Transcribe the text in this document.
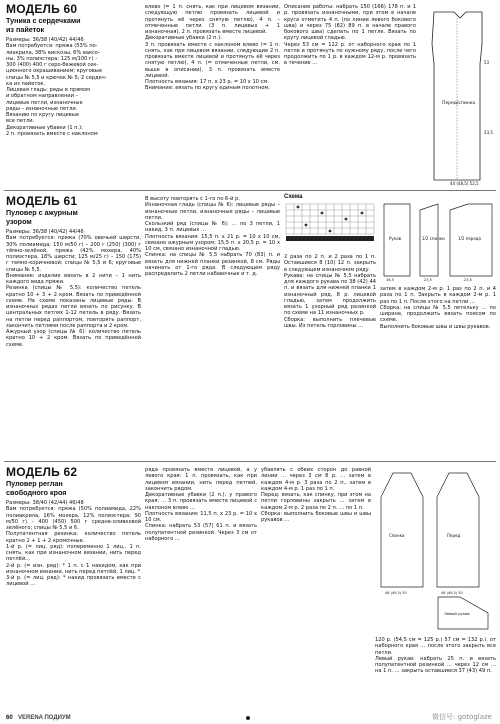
МОДЕЛЬ 60
Туника с сердечками
из пайеток
Размеры: 36/38 (40/42) 44/46
Вам потребуется: пряжа (53% по-
лиакрила, 38% вискозы, 6% ваксо-
ны, 3% полиэстера; 125 м/100 г) -
300 (400) 400 г серо-бежевой сек-
ционного окрашиванием; круговые
спицы № 5,5 и крючок № 5; 2 сердеч-
ка из пайеток.
Лицевая гладь: ряды в прямом
и обратном направлении –
лицевые петли, изнаночные
ряды – изнаночные петли.
Вязанию по кругу лицевые
все петли.
Декоративные убавки (1 п.):
2 п. провязать вместе с наклоном
влево (= 1 п. снять, как при лицевом вязании, следующую петлю провязать лицевой и протянуть её через снятую петлю), 4 п. – отмеченные петли (3 п. лицевых + 1 изнаночная), 2 п. провязать вместе лицевой.
Декоративные убавки (2 п.):
3 п. провязать вместе с наклоном влево (= 1 п. снять, как при лицевом вязании, следующие 2 п. провязать вместе лицевой и протянуть её через снятую петлю), 4 п. (= отмеченные петли, см. выше в описании), 3 п. провязать вместе лицевой.
Плотность вязания: 17 п. x 23 р. = 10 x 10 см.
Внимание: вязать по кругу единым полотном.
Описание работы: набрать 150 (166) 178 п. и 1 р. провязать изнаночными, при этом в начале круга отметить 4 п. (по линии левого бокового шва) и через 75 (82) 89 п. в начале правого бокового шва) сделать по 1 петле. Вязать по кругу лицевой гладью.
Через 53 см = 122 р. от наборного края по 1 петле и протянуть по нужному ряду, после чего продолжить по 1 р. в каждом 12-м р. провязать в течение …
Перед/спинка
53
23,5
44 (48,5) 52,5
МОДЕЛЬ 61
Пуловер с ажурным
узором
Размеры: 36/38 (40/42) 44/46
Вам потребуется: пряжа (70% овечьей шерсти, 30% полиамида; 150 м/50 г) – 200 г (250) (300) г тёмно-зелёной, пряжа (42% мохера, 40% полиэстера, 18% шерсти; 125 м/25 г) – 150 (175) г темно-коричневой; спицы № 5,5 и 6; круговые спицы № 5,5.
Внимание: изделие вязать в 2 нити – 1 нить каждого вида пряжи.
Резинка (спицы № 5,5): количество петель кратно 10 + 3 + 2 кром. Вязать по приведённой схеме. На схеме показаны лицевые ряды. В изнаночных рядах петли вязать по рисунку. В центральных петлях 1-12 петель в ряду. Вязать на петли перед раппортом, повторять раппорт, закончить петлями после раппорта и 2 кром.
Ажурный узор (спицы № 6): количество петель кратно 10 + 2 кром. Вязать по приведённой схеме.
В высоту повторять с 1-го по 6-й р.
Изнаночная гладь (спицы № 6): лицевые ряды – изнаночные петли, изнаночные ряды – лицевые петли.
Скользкий ряд (спицы № 6): … по 3 петли, 1 накид, 3 п. лицевых …
Плотность вязания: 15,5 п. x 21 р. = 10 x 10 см, связано ажурным узором; 15,5 п. x 20,5 р. = 10 x 10 см, связано изнаночной гладью.
Спинка: на спицы № 5,5 набрать 70 (83) п. и вязать для нижней планки резинкой, 8 см. Ряды начинать от 1-го ряда. В следующем ряду распределить 2 петли набавочные и т. д.
Схема
2 раза по 2 п. и 2 раза по 1 п. Оставшиеся 8 (10) 12 п. закрыть в следующем изнаночном ряду.
Рукава: на спицы № 5,5 набрать для каждого рукава по 38 (42) 44 п. и вязать для нижней планки 1 изнаночный ряд, 8 р. лицевой гладью, затем продолжить вязать 1 узорный ряд резинкой по схеме на 11 изнаночных р.
Сборка: выполнить плечевые швы. Из петель горловины …
Рукав	1/2 спинки	1/2 переда
16,5	23,5	23,5
затем в каждом 2-м р. 1 раз по 2 п. и 4 раза по 1 п. Закрыть в каждом 2-м р. 1 раз по 1 п. После этого на петли …
Сборка: на спицы № 5,5 петельку … по ширине, продолжить вязать поясом по схеме.
Выполнить боковые швы и швы рукавов.
МОДЕЛЬ 62
Пуловер реглан
свободного кроя
Размеры: 38/40 (42/44) 46/48
Вам потребуется: пряжа (50% полиамида, 22% полиакрила, 16% мохера, 12% полиэстера; 90 м/50 г) – 400 (450) 500 г средне-оливковой зелёного; спицы № 5,5 и 6.
Полупатентная резинка: количество петель кратно 2 + 1 + 2 кромочные.
1-й р. (= лиц. ряд): попеременно 1 лиц., 1 п. снять, как при изнаночном вязании, нить перед петлёй…
2-й р. (= изн. ряд): * 1 п. с 1 накидом, как при изнаночном вязании, нить перед петлёй, 1 лиц. *
3-й р. (= лиц. ряд): * накид провязать вместе с лицевой …
ряда провязать вместе лицевой, а у левого края: 1 п. провязать, как при лицевом вязании, нить перед петлей, закончить рядом.
Декоративные убавки (2 п.): у правого края: … 3 п. провязать вместе лицевой с наклоном влево …
Плотность вязания: 11,5 п. x 23 р. = 10 x 10 см.
Спинка: набрать 53 (57) 61 п. и вязать полупатентной резинкой. Через 3 см от наборного …
убавлять с обеих сторон до равной линии … через 3 см 8 р. … затем в каждом 4-м р. 3 раза по 2 п., затем в каждом 4-м р. 1 раз по 1 п.
Перед: вязать, как спинку, при этом на петли горловины закрыть … затем в каждом 2-м р. 2 раза по 2 п. … по 1 п.
Сборка: выполнить боковые швы и швы рукавов …
Спинка	Перед
46 (49,5) 53	46 (49,5) 53
Левый рукав
120 р. (54,5 см = 125 р.) 57 см = 132 р.). от наборного края … после этого закрыть все петли.
Левый рукав: набрать 25 п. и вязать полупатентной резинкой … через 12 см … на 1 п. … закрыть оставшиеся 37 (43) 49 п.
60 VERENA ПОДИУМ	微信号: gotoglaze
